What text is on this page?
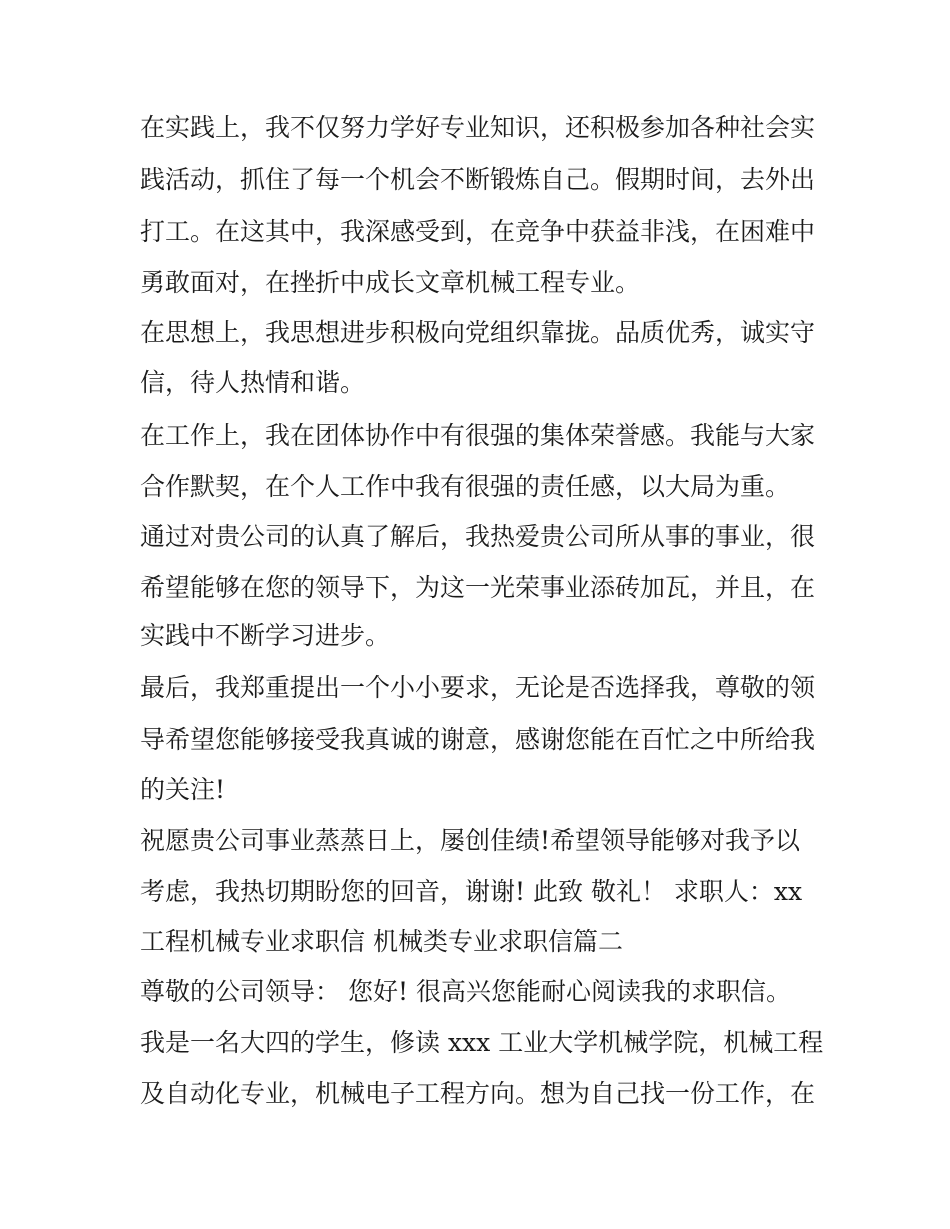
在实践上，我不仅努力学好专业知识，还积极参加各种社会实
践活动，抓住了每一个机会不断锻炼自己。假期时间，去外出
打工。在这其中，我深感受到，在竞争中获益非浅，在困难中
勇敢面对，在挫折中成长文章机械工程专业。
在思想上，我思想进步积极向党组织靠拢。品质优秀，诚实守
信，待人热情和谐。
在工作上，我在团体协作中有很强的集体荣誉感。我能与大家
合作默契，在个人工作中我有很强的责任感，以大局为重。
通过对贵公司的认真了解后，我热爱贵公司所从事的事业，很
希望能够在您的领导下，为这一光荣事业添砖加瓦，并且，在
实践中不断学习进步。
最后，我郑重提出一个小小要求，无论是否选择我，尊敬的领
导希望您能够接受我真诚的谢意，感谢您能在百忙之中所给我
的关注!
祝愿贵公司事业蒸蒸日上，屡创佳绩!希望领导能够对我予以
考虑，我热切期盼您的回音，谢谢! 此致 敬礼！ 求职人：xx
工程机械专业求职信 机械类专业求职信篇二
尊敬的公司领导： 您好! 很高兴您能耐心阅读我的求职信。
我是一名大四的学生，修读 xxx 工业大学机械学院，机械工程
及自动化专业，机械电子工程方向。想为自己找一份工作，在
